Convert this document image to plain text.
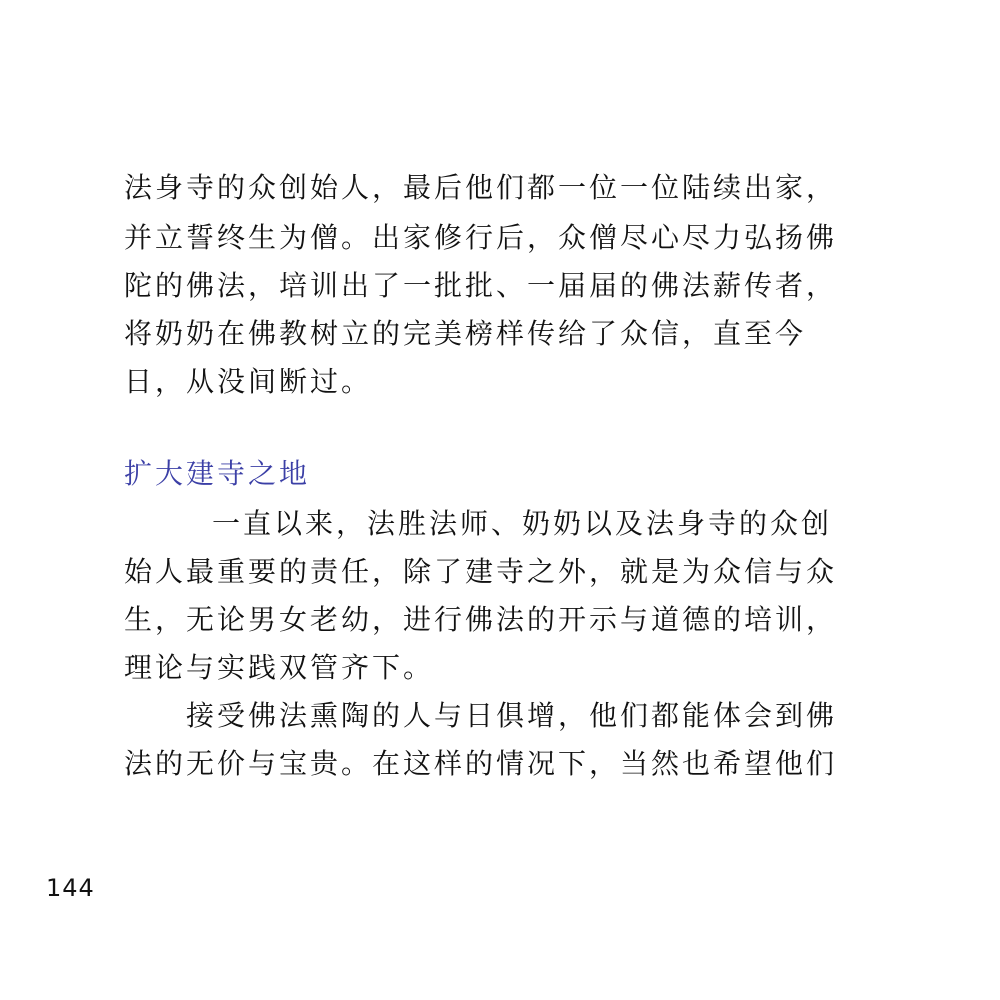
法身寺的众创始人，最后他们都一位一位陆续出家，
并立誓终生为僧。出家修行后，众僧尽心尽力弘扬佛
陀的佛法，培训出了一批批、一届届的佛法薪传者，
将奶奶在佛教树立的完美榜样传给了众信，直至今
日，从没间断过。
扩大建寺之地
一直以来，法胜法师、奶奶以及法身寺的众创
始人最重要的责任，除了建寺之外，就是为众信与众
生，无论男女老幼，进行佛法的开示与道德的培训，
理论与实践双管齐下。
接受佛法熏陶的人与日俱增，他们都能体会到佛
法的无价与宝贵。在这样的情况下，当然也希望他们
144
